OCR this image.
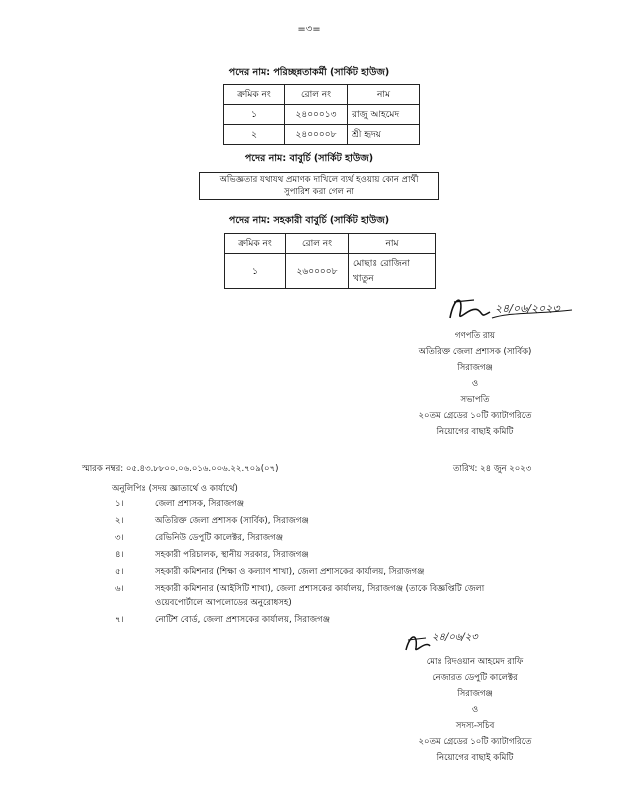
=৩=
পদের নাম: পরিচ্ছন্নতাকর্মী (সার্কিট হাউজ)
ক্রমিক নং	রোল নং	নাম
১	২৪০০০১৩	রাজু আহমেদ
২	২৪০০০০৮	শ্রী হৃদয়
পদের নাম: বাবুর্চি (সার্কিট হাউজ)
অভিজ্ঞতার যথাযথ প্রমাণক দাখিলে ব্যর্থ হওয়ায় কোন প্রার্থী
সুপারিশ করা গেল না
পদের নাম: সহকারী বাবুর্চি (সার্কিট হাউজ)
ক্রমিক নং	রোল নং	নাম
১	২৬০০০০৮	মোছাঃ রোজিনা খাতুন
২৪/০৬/২০২৩
গণপতি রায়
অতিরিক্ত জেলা প্রশাসক (সার্বিক)
সিরাজগঞ্জ
ও
সভাপতি
২০তম গ্রেডের ১০টি ক্যাটাগরিতে
নিয়োগের বাছাই কমিটি
স্মারক নম্বর: ০৫.৪৩.৮৮০০.০৬.০১৬.০০৬.২২.৭০৯(০৭)	তারিখ: ২৪ জুন ২০২৩
অনুলিপিঃ (সদয় জ্ঞাতার্থে ও কার্যার্থে)
১।	জেলা প্রশাসক, সিরাজগঞ্জ
২।	অতিরিক্ত জেলা প্রশাসক (সার্বিক), সিরাজগঞ্জ
৩।	রেভিনিউ ডেপুটি কালেক্টর, সিরাজগঞ্জ
৪।	সহকারী পরিচালক, স্থানীয় সরকার, সিরাজগঞ্জ
৫।	সহকারী কমিশনার (শিক্ষা ও কল্যাণ শাখা), জেলা প্রশাসকের কার্যালয়, সিরাজগঞ্জ
৬।	সহকারী কমিশনার (আইসিটি শাখা), জেলা প্রশাসকের কার্যালয়, সিরাজগঞ্জ (তাকে বিজ্ঞপ্তিটি জেলা
ওয়েবপোর্টালে আপলোডের অনুরোধসহ)
৭।	নোটিশ বোর্ড, জেলা প্রশাসকের কার্যালয়, সিরাজগঞ্জ
২৪/০৬/২৩
মোঃ রিদওয়ান আহমেদ রাফি
নেজারত ডেপুটি কালেক্টর
সিরাজগঞ্জ
ও
সদস্য-সচিব
২০তম গ্রেডের ১০টি ক্যাটাগরিতে
নিয়োগের বাছাই কমিটি
